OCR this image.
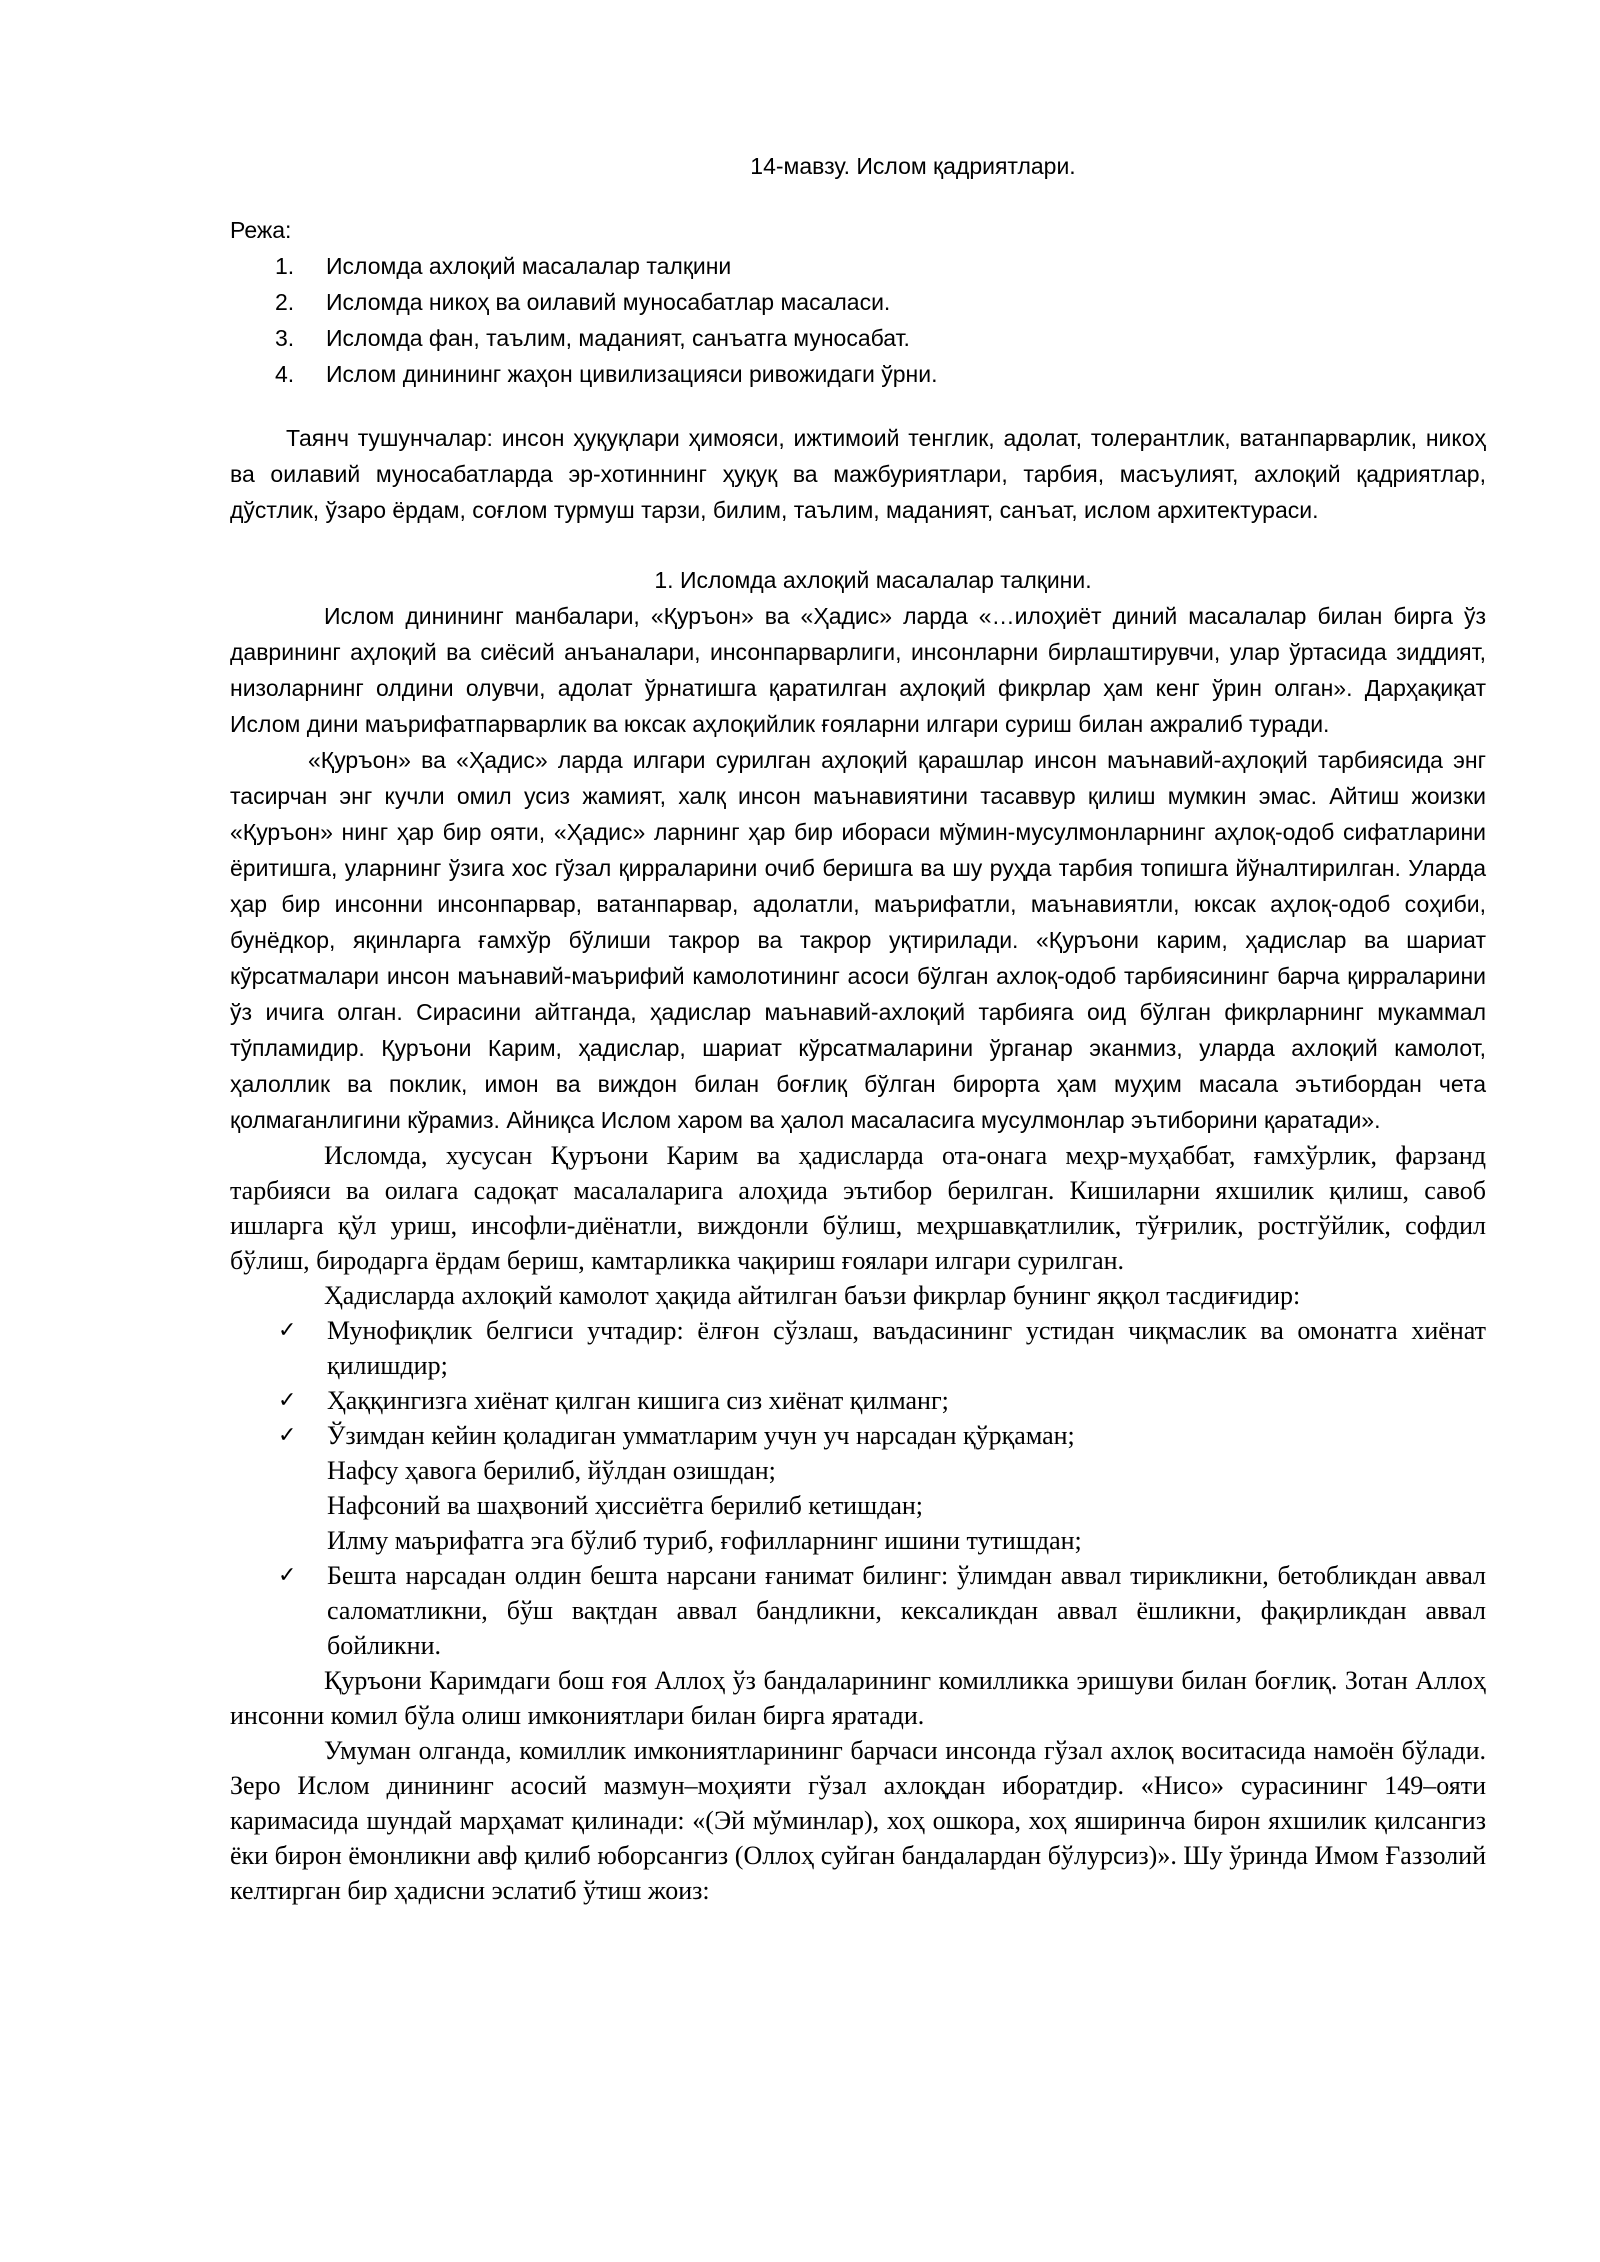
14-мавзу. Ислом қадриятлари.

Режа:

1. Исломда ахлоқий масалалар талқини
2. Исломда никоҳ ва оилавий муносабатлар масаласи.
3. Исломда фан, таълим, маданият, санъатга муносабат.
4. Ислом динининг жаҳон цивилизацияси ривожидаги ўрни.

Таянч тушунчалар: инсон ҳуқуқлари ҳимояси, ижтимоий тенглик, адолат, толерантлик, ватанпарварлик, никоҳ ва оилавий муносабатларда эр-хотиннинг ҳуқуқ ва мажбуриятлари, тарбия, масъулият, ахлоқий қадриятлар, дўстлик, ўзаро ёрдам, соғлом турмуш тарзи, билим, таълим, маданият, санъат, ислом архитектураси.

1. Исломда ахлоқий масалалар талқини.

Ислом динининг манбалари, «Қуръон» ва «Ҳадис» ларда «…илоҳиёт диний масалалар билан бирга ўз даврининг аҳлоқий ва сиёсий анъаналари, инсонпарварлиги, инсонларни бирлаштирувчи, улар ўртасида зиддият, низоларнинг олдини олувчи, адолат ўрнатишга қаратилган аҳлоқий фикрлар ҳам кенг ўрин олган». Дарҳақиқат Ислом дини маърифатпарварлик ва юксак аҳлоқийлик ғояларни илгари суриш билан ажралиб туради.

«Қуръон» ва «Ҳадис» ларда илгари сурилган аҳлоқий қарашлар инсон маънавий-аҳлоқий тарбиясида энг тасирчан энг кучли омил усиз жамият, халқ инсон маънавиятини тасаввур қилиш мумкин эмас. Айтиш жоизки «Қуръон» нинг ҳар бир ояти, «Ҳадис» ларнинг ҳар бир ибораси мўмин-мусулмонларнинг аҳлоқ-одоб сифатларини ёритишга, уларнинг ўзига хос гўзал қирраларини очиб беришга ва шу руҳда тарбия топишга йўналтирилган. Уларда ҳар бир инсонни инсонпарвар, ватанпарвар, адолатли, маърифатли, маънавиятли, юксак аҳлоқ-одоб соҳиби, бунёдкор, яқинларга ғамхўр бўлиши такрор ва такрор уқтирилади. «Қуръони карим, ҳадислар ва шариат кўрсатмалари инсон маънавий-маърифий камолотининг асоси бўлган ахлоқ-одоб тарбиясининг барча қирраларини ўз ичига олган. Сирасини айтганда, ҳадислар маънавий-ахлоқий тарбияга оид бўлган фикрларнинг мукаммал тўпламидир. Қуръони Карим, ҳадислар, шариат кўрсатмаларини ўрганар эканмиз, уларда ахлоқий камолот, ҳалоллик ва поклик, имон ва виждон билан боғлиқ бўлган бирорта ҳам муҳим масала эътибордан чета қолмаганлигини кўрамиз. Айниқса Ислом харом ва ҳалол масаласига мусулмонлар эътиборини қаратади».

Исломда, хусусан Қуръони Карим ва ҳадисларда ота-онага меҳр-муҳаббат, ғамхўрлик, фарзанд тарбияси ва оилага садоқат масалаларига алоҳида эътибор берилган. Кишиларни яхшилик қилиш, савоб ишларга қўл уриш, инсофли-диёнатли, виждонли бўлиш, меҳршавқатлилик, тўғрилик, ростгўйлик, софдил бўлиш, биродарга ёрдам бериш, камтарликка чақириш ғоялари илгари сурилган.

Ҳадисларда ахлоқий камолот ҳақида айтилган баъзи фикрлар бунинг яққол тасдиғидир:

✓ Мунофиқлик белгиси учтадир: ёлғон сўзлаш, ваъдасининг устидан чиқмаслик ва омонатга хиёнат қилишдир;
✓ Ҳаққингизга хиёнат қилган кишига сиз хиёнат қилманг;
✓ Ўзимдан кейин қоладиган умматларим учун уч нарсадан қўрқаман;
Нафсу ҳавога берилиб, йўлдан озишдан;
Нафсоний ва шаҳвоний ҳиссиётга берилиб кетишдан;
Илму маърифатга эга бўлиб туриб, ғофилларнинг ишини тутишдан;
✓ Бешта нарсадан олдин бешта нарсани ғанимат билинг: ўлимдан аввал тирикликни, бетобликдан аввал саломатликни, бўш вақтдан аввал бандликни, кексаликдан аввал ёшликни, фақирликдан аввал бойликни.

Қуръони Каримдаги бош ғоя Аллоҳ ўз бандаларининг комилликка эришуви билан боғлиқ. Зотан Аллоҳ инсонни комил бўла олиш имкониятлари билан бирга яратади.

Умуман олганда, комиллик имкониятларининг барчаси инсонда гўзал ахлоқ воситасида намоён бўлади. Зеро Ислом динининг асосий мазмун–моҳияти гўзал ахлоқдан иборатдир. «Нисо» сурасининг 149–ояти каримасида шундай марҳамат қилинади: «(Эй мўминлар), хоҳ ошкора, хоҳ яширинча бирон яхшилик қилсангиз ёки бирон ёмонликни авф қилиб юборсангиз (Оллоҳ суйган бандалардан бўлурсиз)». Шу ўринда Имом Ғаззолий келтирган бир ҳадисни эслатиб ўтиш жоиз:
